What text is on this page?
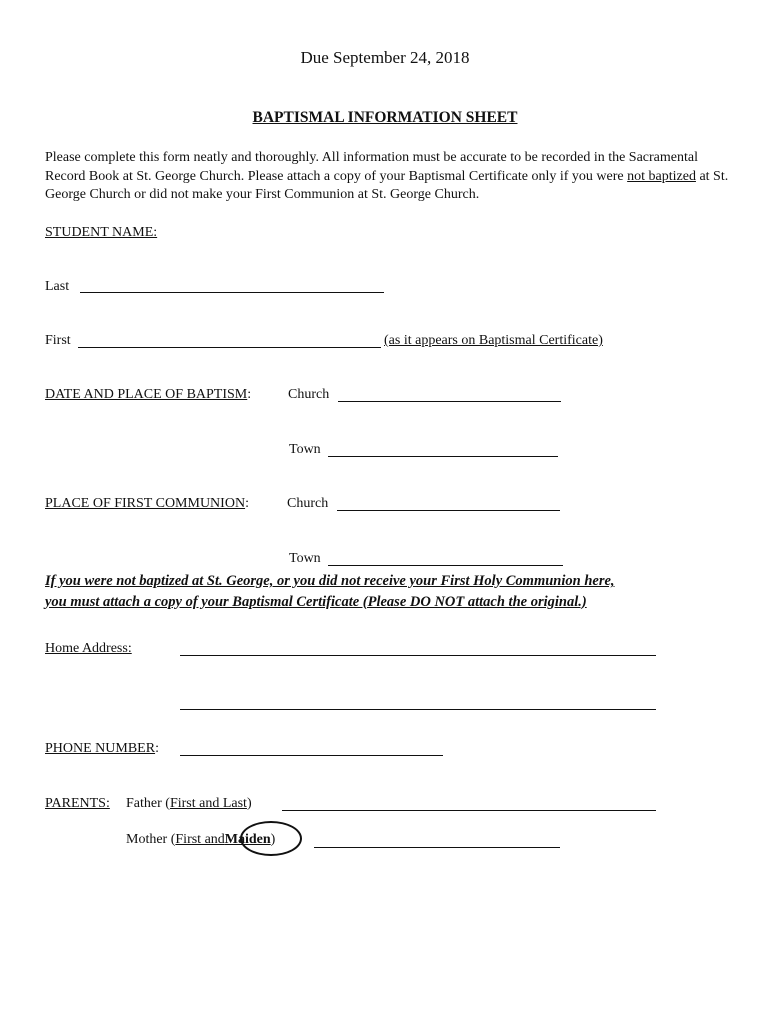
Due September 24, 2018
BAPTISMAL INFORMATION SHEET
Please complete this form neatly and thoroughly. All information must be accurate to be recorded in the Sacramental Record Book at St. George Church. Please attach a copy of your Baptismal Certificate only if you were not baptized at St. George Church or did not make your First Communion at St. George Church.
STUDENT NAME:
Last
First	(as it appears on Baptismal Certificate)
DATE AND PLACE OF BAPTISM:	Church
Town
PLACE OF FIRST COMMUNION:	Church
Town
If you were not baptized at St. George, or you did not receive your First Holy Communion here,
you must attach a copy of your Baptismal Certificate (Please DO NOT attach the original.)
Home Address:
PHONE NUMBER:
PARENTS: Father (First and Last)
Mother (First andMaiden)
